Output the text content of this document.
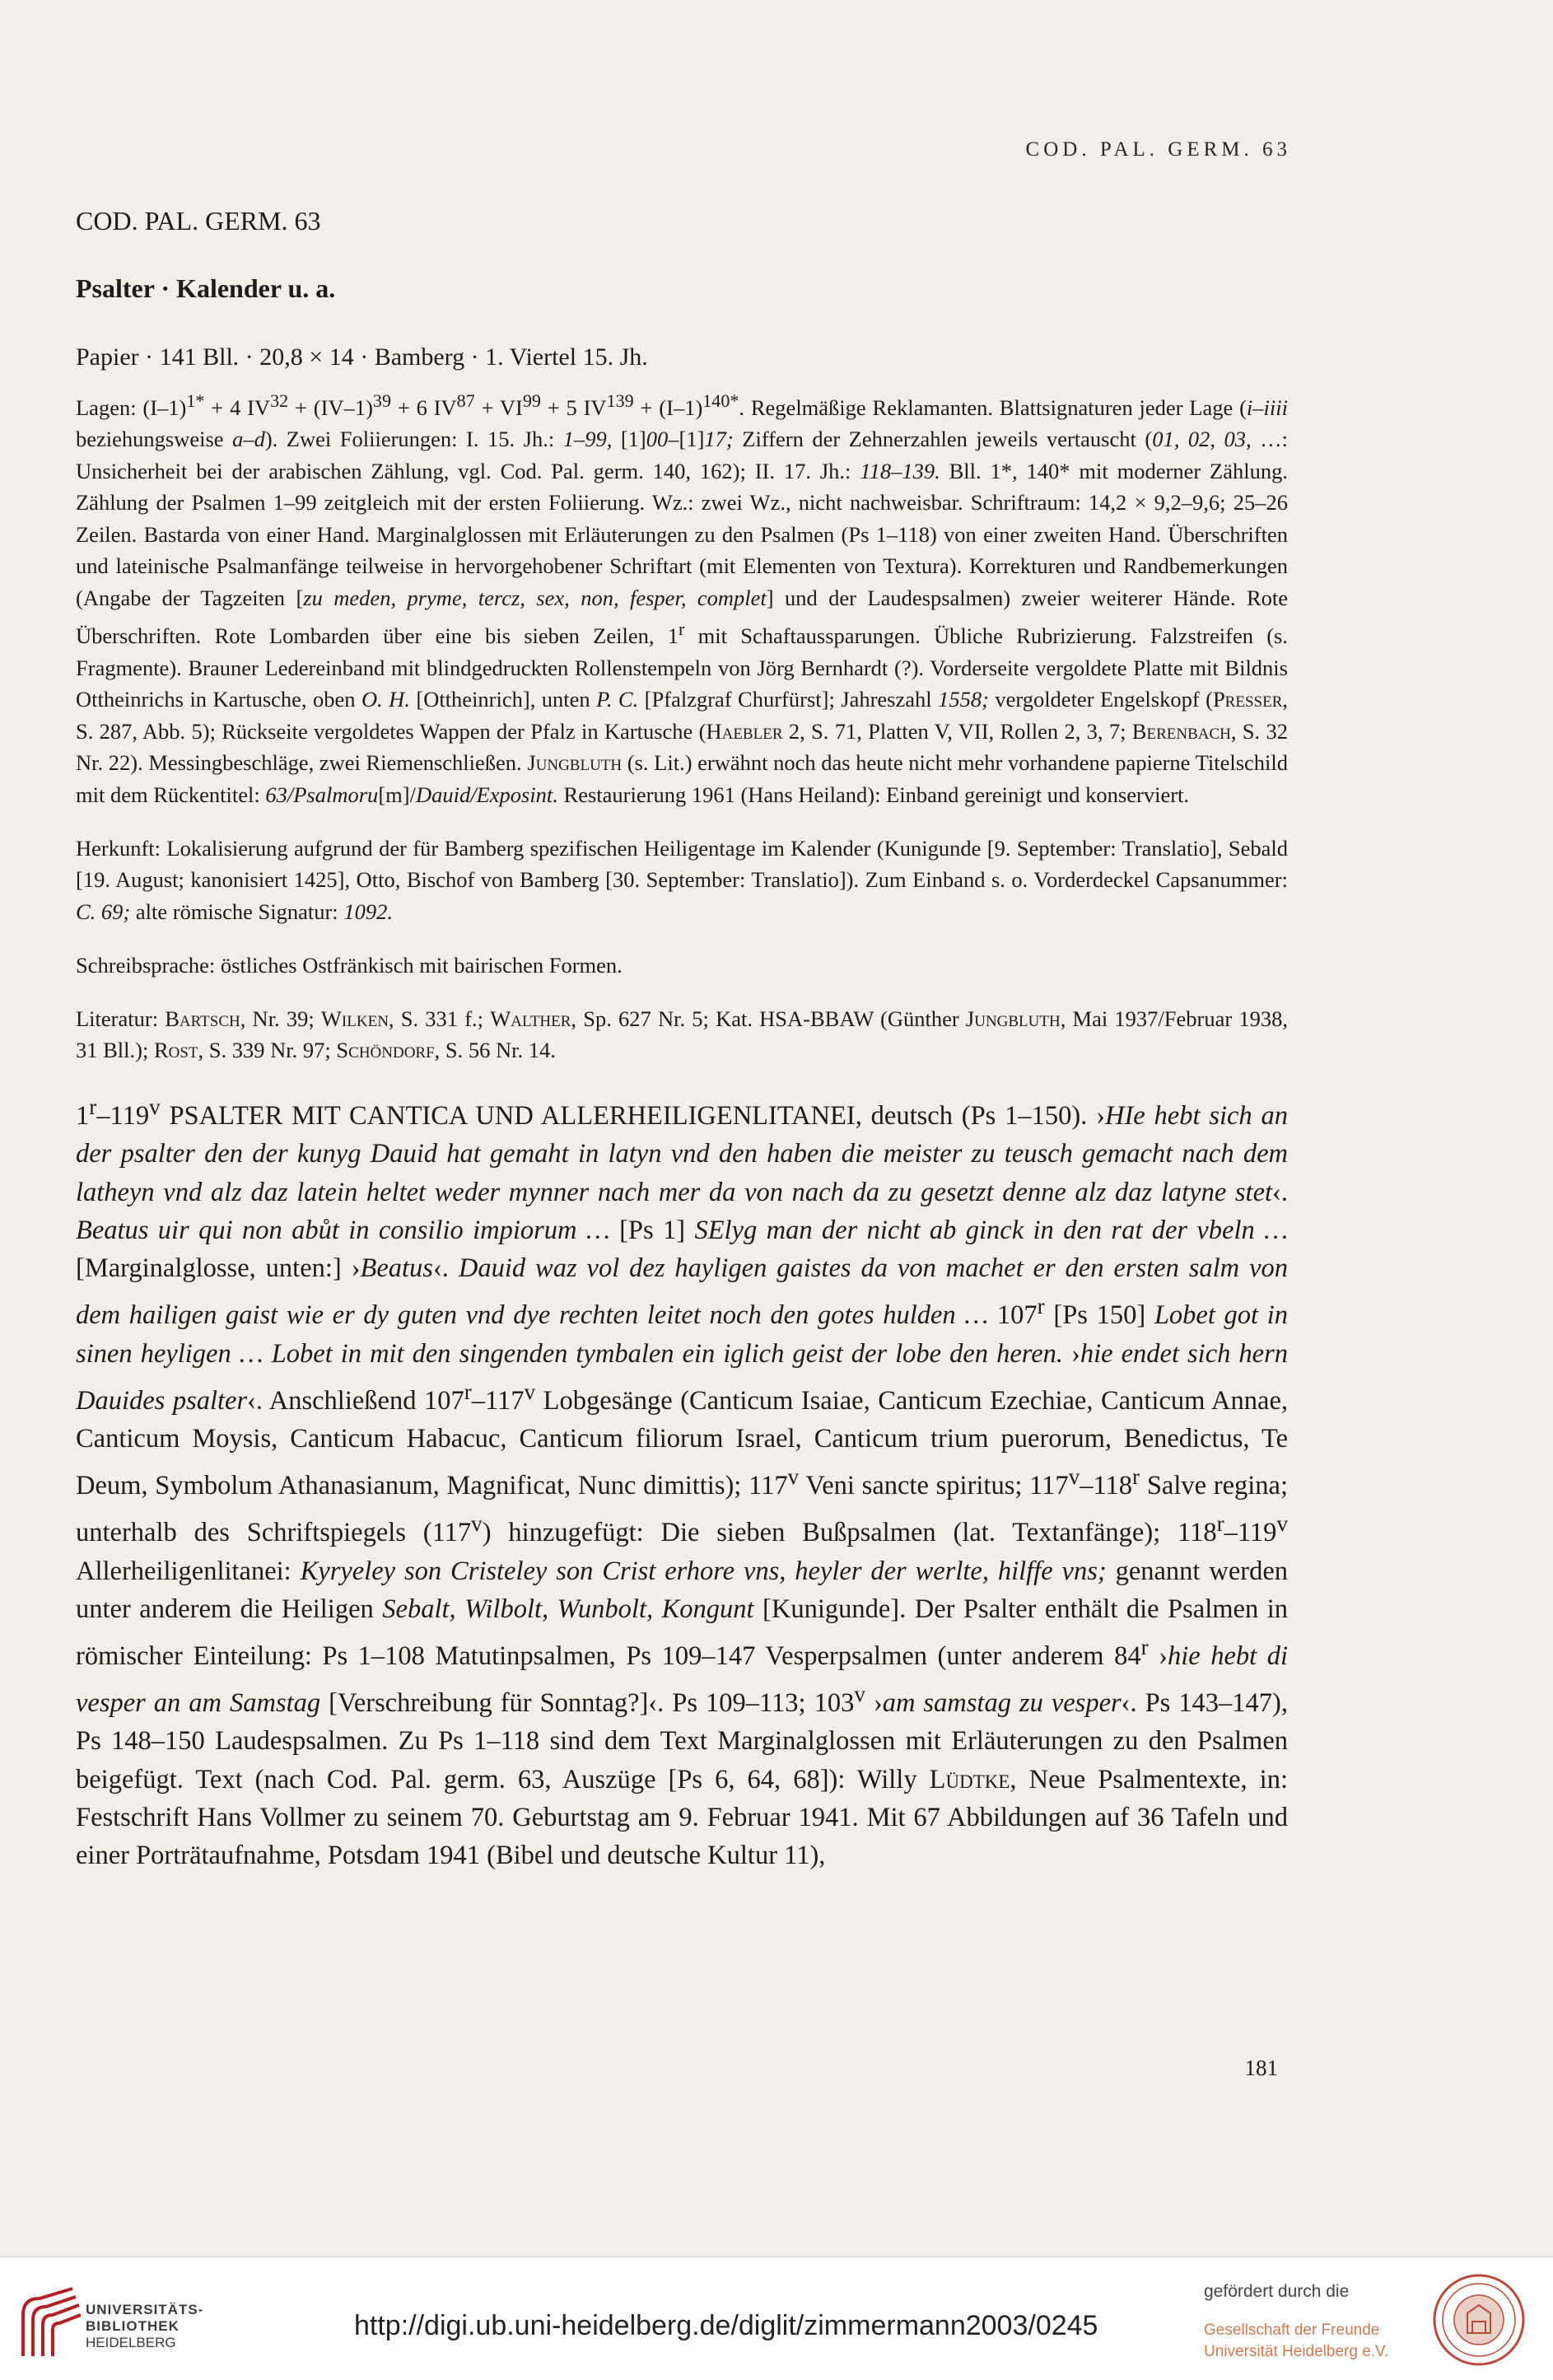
COD. PAL. GERM. 63
COD. PAL. GERM. 63
Psalter · Kalender u. a.
Papier · 141 Bll. · 20,8 × 14 · Bamberg · 1. Viertel 15. Jh.

Lagen: $(I-1)^{1*} + 4$ $IV^{32} + (IV-1)^{39} + 6$ $IV^{87} + VI^{99} + 5$ $IV^{139} + (I-1)^{140*}$. Regelmäßige Reklamanten. Blattsignaturen jeder Lage (i–iiii beziehungsweise a–d). Zwei Foliierungen: I. 15. Jh.: 1–99, [1]00–[1]17; Ziffern der Zehnerzahlen jeweils vertauscht (01, 02, 03, …: Unsicherheit bei der arabischen Zählung, vgl. Cod. Pal. germ. 140, 162); II. 17. Jh.: 118–139. Bll. 1*, 140* mit moderner Zählung. Zählung der Psalmen 1–99 zeitgleich mit der ersten Foliierung. Wz.: zwei Wz., nicht nachweisbar. Schriftraum: 14,2 × 9,2–9,6; 25–26 Zeilen. Bastarda von einer Hand. Marginalglossen mit Erläuterungen zu den Psalmen (Ps 1–118) von einer zweiten Hand. Überschriften und lateinische Psalmanfänge teilweise in hervorgehobener Schriftart (mit Elementen von Textura). Korrekturen und Randbemerkungen (Angabe der Tagzeiten [zu meden, pryme, tercz, sex, non, fesper, complet] und der Laudespsalmen) zweier weiterer Hände. Rote Überschriften. Rote Lombarden über eine bis sieben Zeilen, 1$^r$ mit Schaftaussparungen. Übliche Rubrizierung. Falzstreifen (s. Fragmente). Brauner Ledereinband mit blindgedruckten Rollenstempeln von Jörg Bernhardt (?). Vorderseite vergoldete Platte mit Bildnis Ottheinrichs in Kartusche, oben O. H. [Ottheinrich], unten P. C. [Pfalzgraf Churfürst]; Jahreszahl 1558; vergoldeter Engelskopf (Presser, S. 287, Abb. 5); Rückseite vergoldetes Wappen der Pfalz in Kartusche (Haebler 2, S. 71, Platten V, VII, Rollen 2, 3, 7; Berenbach, S. 32 Nr. 22). Messingbeschläge, zwei Riemenschließen. Jungbluth (s. Lit.) erwähnt noch das heute nicht mehr vorhandene papierne Titelschild mit dem Rückentitel: 63/Psalmoru[m]/Dauid/Exposint. Restaurierung 1961 (Hans Heiland): Einband gereinigt und konserviert.

Herkunft: Lokalisierung aufgrund der für Bamberg spezifischen Heiligentage im Kalender (Kunigunde [9. September: Translatio], Sebald [19. August; kanonisiert 1425], Otto, Bischof von Bamberg [30. September: Translatio]). Zum Einband s. o. Vorderdeckel Capsanummer: C. 69; alte römische Signatur: 1092.

Schreibsprache: östliches Ostfränkisch mit bairischen Formen.

Literatur: Bartsch, Nr. 39; Wilken, S. 331 f.; Walther, Sp. 627 Nr. 5; Kat. HSA-BBAW (Günther Jungbluth, Mai 1937/Februar 1938, 31 Bll.); Rost, S. 339 Nr. 97; Schöndorf, S. 56 Nr. 14.

1$^r$–119$^v$ PSALTER MIT CANTICA UND ALLERHEILIGENLITANEI, deutsch (Ps 1–150). ›HIe hebt sich an der psalter den der kunyg Dauid hat gemaht in latyn vnd den haben die meister zu teusch gemacht nach dem latheyn vnd alz daz latein heltet weder mynner nach mer da von nach da zu gesetzt denne alz daz latyne stet‹. Beatus uir qui non abůt in consilio impiorum … [Ps 1] SElyg man der nicht ab ginck in den rat der vbeln … [Marginalglosse, unten:] ›Beatus‹. Dauid waz vol dez hayligen gaistes da von machet er den ersten salm von dem hailigen gaist wie er dy guten vnd dye rechten leitet noch den gotes hulden … 107$^r$ [Ps 150] Lobet got in sinen heyligen … Lobet in mit den singenden tymbalen ein iglich geist der lobe den heren. ›hie endet sich hern Dauides psalter‹. Anschließend 107$^r$–117$^v$ Lobgesänge (Canticum Isaiae, Canticum Ezechiae, Canticum Annae, Canticum Moysis, Canticum Habacuc, Canticum filiorum Israel, Canticum trium puerorum, Benedictus, Te Deum, Symbolum Athanasianum, Magnificat, Nunc dimittis); 117$^v$ Veni sancte spiritus; 117$^v$–118$^r$ Salve regina; unterhalb des Schriftspiegels (117$^v$) hinzugefügt: Die sieben Bußpsalmen (lat. Textanfänge); 118$^r$–119$^v$ Allerheiligenlitanei: Kyryeley son Cristeley son Crist erhore vns, heyler der werlte, hilffe vns; genannt werden unter anderem die Heiligen Sebalt, Wilbolt, Wunbolt, Kongunt [Kunigunde]. Der Psalter enthält die Psalmen in römischer Einteilung: Ps 1–108 Matutinpsalmen, Ps 109–147 Vesperpsalmen (unter anderem 84$^r$ ›hie hebt di vesper an am Samstag [Verschreibung für Sonntag?]‹. Ps 109–113; 103$^v$ ›am samstag zu vesper‹. Ps 143–147), Ps 148–150 Laudespsalmen. Zu Ps 1–118 sind dem Text Marginalglossen mit Erläuterungen zu den Psalmen beigefügt. Text (nach Cod. Pal. germ. 63, Auszüge [Ps 6, 64, 68]): Willy Lüdtke, Neue Psalmentexte, in: Festschrift Hans Vollmer zu seinem 70. Geburtstag am 9. Februar 1941. Mit 67 Abbildungen auf 36 Tafeln und einer Porträtaufnahme, Potsdam 1941 (Bibel und deutsche Kultur 11),

181
UNIVERSITÄTS-
BIBLIOTHEK
HEIDELBERG
http://digi.ub.uni-heidelberg.de/diglit/zimmermann2003/0245
gefördert durch die
Gesellschaft der Freunde
Universität Heidelberg e.V.
